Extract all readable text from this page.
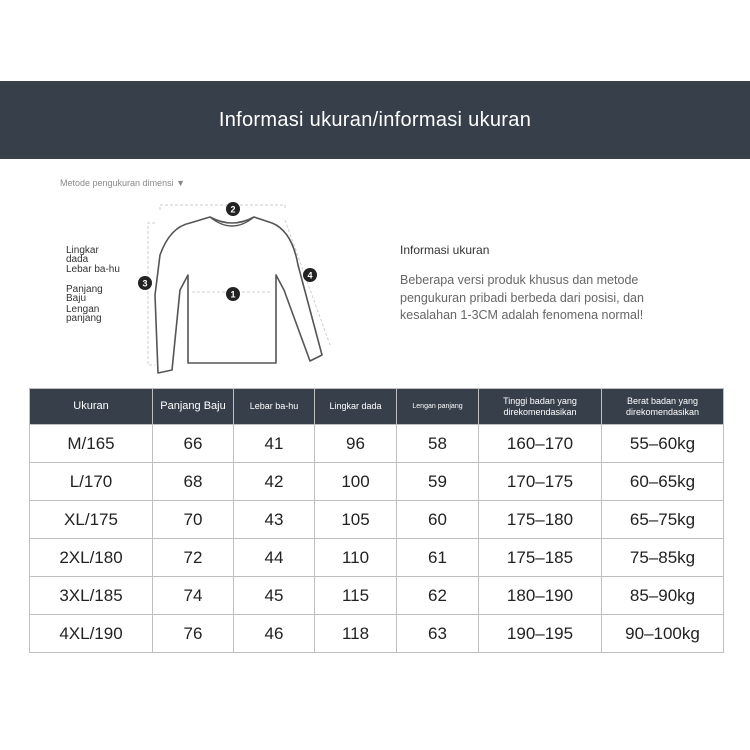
Informasi ukuran/informasi ukuran
Metode pengukuran dimensi ▼
1
2
3
4
Lingkar dada
Lebar ba-hu
Panjang Baju
Lengan panjang
Informasi ukuran
Beberapa versi produk khusus dan metode pengukuran pribadi berbeda dari posisi, dan kesalahan 1-3CM adalah fenomena normal!
Ukuran	Panjang Baju	Lebar ba-hu	Lingkar dada	Lengan panjang	Tinggi badan yang direkomendasikan	Berat badan yang direkomendasikan
M/165	66	41	96	58	160–170	55–60kg
L/170	68	42	100	59	170–175	60–65kg
XL/175	70	43	105	60	175–180	65–75kg
2XL/180	72	44	110	61	175–185	75–85kg
3XL/185	74	45	115	62	180–190	85–90kg
4XL/190	76	46	118	63	190–195	90–100kg
